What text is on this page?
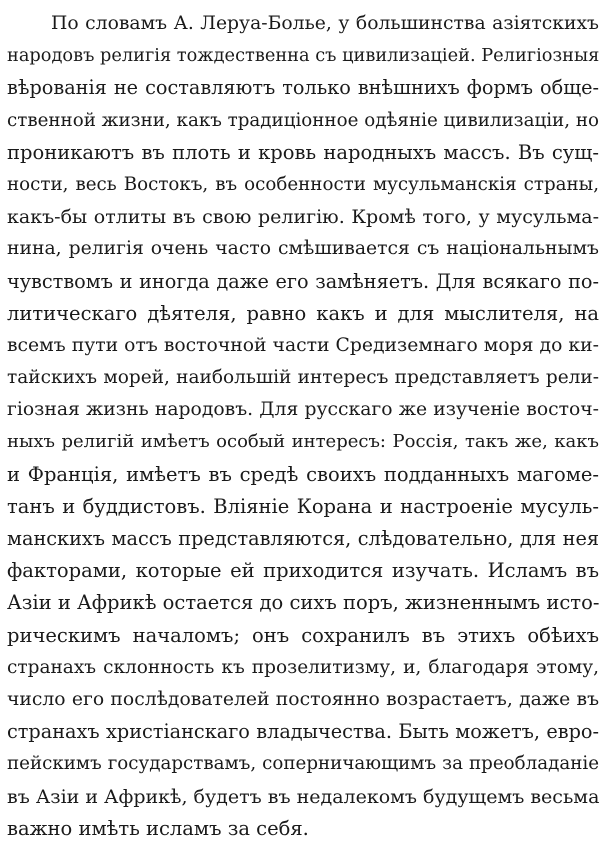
По словамъ А. Леруа-Болье, у большинства азіятскихъ
народовъ религія тождественна съ цивилизаціей. Религіозныя
вѣрованія не составляютъ только внѣшнихъ формъ обще-
ственной жизни, какъ традиціонное одѣяніе цивилизаціи, но
проникаютъ въ плоть и кровь народныхъ массъ. Въ сущ-
ности, весь Востокъ, въ особенности мусульманскія страны,
какъ-бы отлиты въ свою религію. Кромѣ того, у мусульма-
нина, религія очень часто смѣшивается съ національнымъ
чувствомъ и иногда даже его замѣняетъ. Для всякаго по-
литическаго дѣятеля, равно какъ и для мыслителя, на
всемъ пути отъ восточной части Средиземнаго моря до ки-
тайскихъ морей, наибольшій интересъ представляетъ рели-
гіозная жизнь народовъ. Для русскаго же изученіе восточ-
ныхъ религій имѣетъ особый интересъ: Россія, такъ же, какъ
и Франція, имѣетъ въ средѣ своихъ подданныхъ магоме-
танъ и буддистовъ. Вліяніе Корана и настроеніе мусуль-
манскихъ массъ представляются, слѣдовательно, для нея
факторами, которые ей приходится изучать. Исламъ въ
Азіи и Африкѣ остается до сихъ поръ, жизненнымъ исто-
рическимъ началомъ; онъ сохранилъ въ этихъ обѣихъ
странахъ склонность къ прозелитизму, и, благодаря этому,
число его послѣдователей постоянно возрастаетъ, даже въ
странахъ христіанскаго владычества. Быть можетъ, евро-
пейскимъ государствамъ, соперничающимъ за преобладаніе
въ Азіи и Африкѣ, будетъ въ недалекомъ будущемъ весьма
важно имѣть исламъ за себя.
